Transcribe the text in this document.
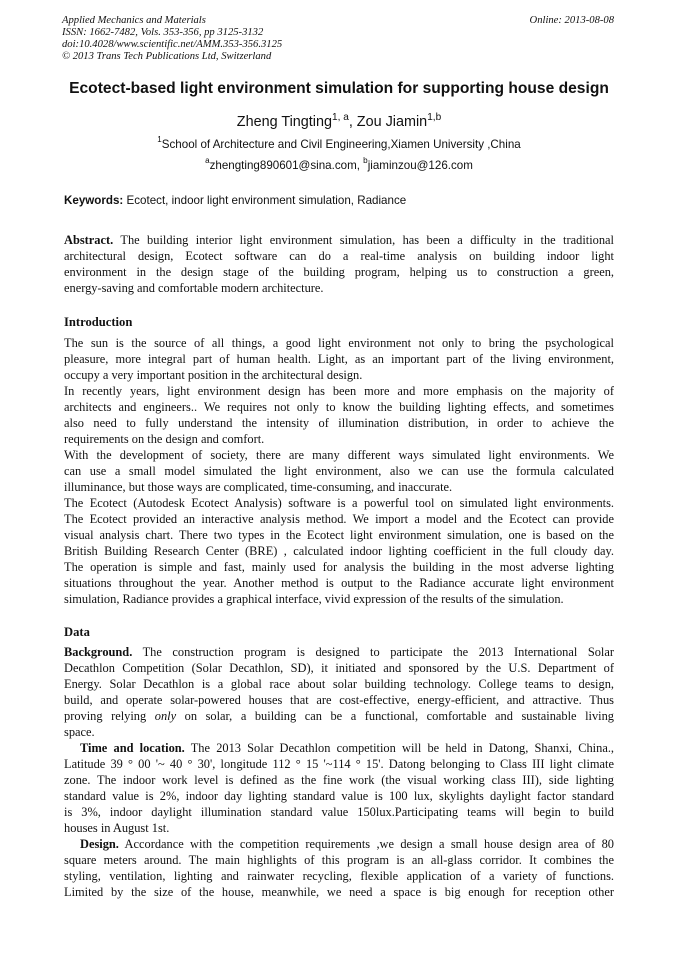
Applied Mechanics and Materials
ISSN: 1662-7482, Vols. 353-356, pp 3125-3132
doi:10.4028/www.scientific.net/AMM.353-356.3125
© 2013 Trans Tech Publications Ltd, Switzerland
Online: 2013-08-08
Ecotect-based light environment simulation for supporting house design
Zheng Tingting$^{1, a}$, Zou Jiamin$^{1,b}$
$^1$School of Architecture and Civil Engineering,Xiamen University ,China
$^a$zhengting890601@sina.com, $^b$jiaminzou@126.com
Keywords: Ecotect, indoor light environment simulation, Radiance
Abstract. The building interior light environment simulation, has been a difficulty in the traditional
architectural design, Ecotect software can do a real-time analysis on building indoor light
environment in the design stage of the building program, helping us to construction a green,
energy-saving and comfortable modern architecture.
Introduction
The sun is the source of all things, a good light environment not only to bring the psychological
pleasure, more integral part of human health. Light, as an important part of the living environment,
occupy a very important position in the architectural design.
In recently years, light environment design has been more and more emphasis on the majority of
architects and engineers.. We requires not only to know the building lighting effects, and sometimes
also need to fully understand the intensity of illumination distribution, in order to achieve the
requirements on the design and comfort.
With the development of society, there are many different ways simulated light environments. We
can use a small model simulated the light environment, also we can use the formula calculated
illuminance, but those ways are complicated, time-consuming, and inaccurate.
The Ecotect (Autodesk Ecotect Analysis) software is a powerful tool on simulated light environments.
The Ecotect provided an interactive analysis method. We import a model and the Ecotect can provide
visual analysis chart. There two types in the Ecotect light environment simulation, one is based on the
British Building Research Center (BRE) , calculated indoor lighting coefficient in the full cloudy day.
The operation is simple and fast, mainly used for analysis the building in the most adverse lighting
situations throughout the year. Another method is output to the Radiance accurate light environment
simulation, Radiance provides a graphical interface, vivid expression of the results of the simulation.
Data
Background. The construction program is designed to participate the 2013 International Solar
Decathlon Competition (Solar Decathlon, SD), it initiated and sponsored by the U.S. Department of
Energy. Solar Decathlon is a global race about solar building technology. College teams to design,
build, and operate solar-powered houses that are cost-effective, energy-efficient, and attractive. Thus
proving relying only on solar, a building can be a functional, comfortable and sustainable living
space.
Time and location. The 2013 Solar Decathlon competition will be held in Datong, Shanxi, China.,
Latitude 39 ° 00 '~ 40 ° 30', longitude 112 ° 15 '~114 ° 15'. Datong belonging to Class III light climate
zone. The indoor work level is defined as the fine work (the visual working class III), side lighting
standard value is 2%, indoor day lighting standard value is 100 lux, skylights daylight factor standard
is 3%, indoor daylight illumination standard value 150lux.Participating teams will begin to build
houses in August 1st.
Design. Accordance with the competition requirements ,we design a small house design area of 80
square meters around. The main highlights of this program is an all-glass corridor. It combines the
styling, ventilation, lighting and rainwater recycling, flexible application of a variety of functions.
Limited by the size of the house, meanwhile, we need a space is big enough for reception other
